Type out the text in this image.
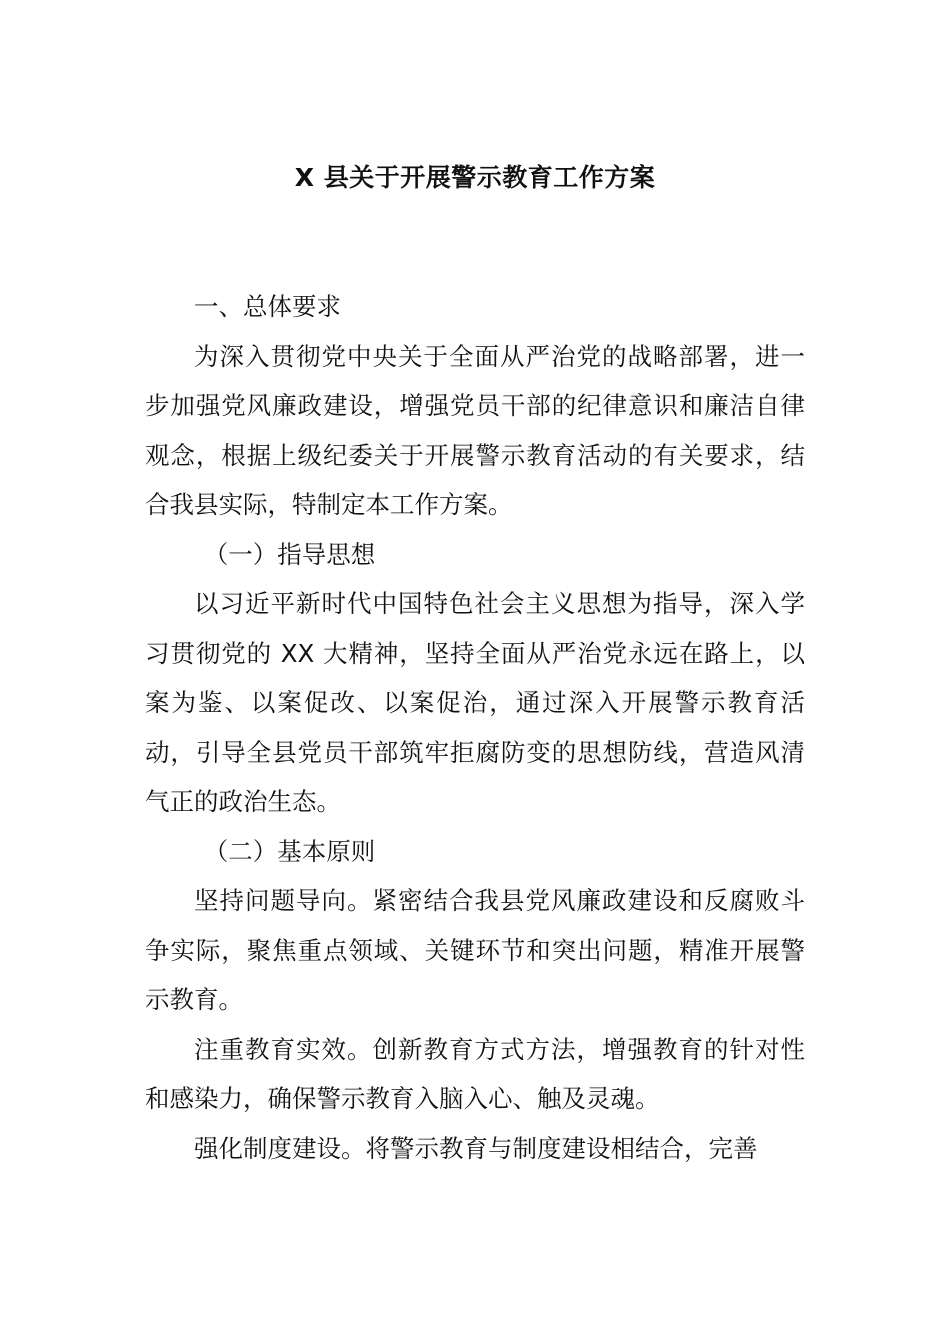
X 县关于开展警示教育工作方案

一、总体要求

为深入贯彻党中央关于全面从严治党的战略部署，进一步加强党风廉政建设，增强党员干部的纪律意识和廉洁自律观念，根据上级纪委关于开展警示教育活动的有关要求，结合我县实际，特制定本工作方案。

（一）指导思想

以习近平新时代中国特色社会主义思想为指导，深入学习贯彻党的 XX 大精神，坚持全面从严治党永远在路上，以案为鉴、以案促改、以案促治，通过深入开展警示教育活动，引导全县党员干部筑牢拒腐防变的思想防线，营造风清气正的政治生态。

（二）基本原则

坚持问题导向。紧密结合我县党风廉政建设和反腐败斗争实际，聚焦重点领域、关键环节和突出问题，精准开展警示教育。

注重教育实效。创新教育方式方法，增强教育的针对性和感染力，确保警示教育入脑入心、触及灵魂。

强化制度建设。将警示教育与制度建设相结合，完善
